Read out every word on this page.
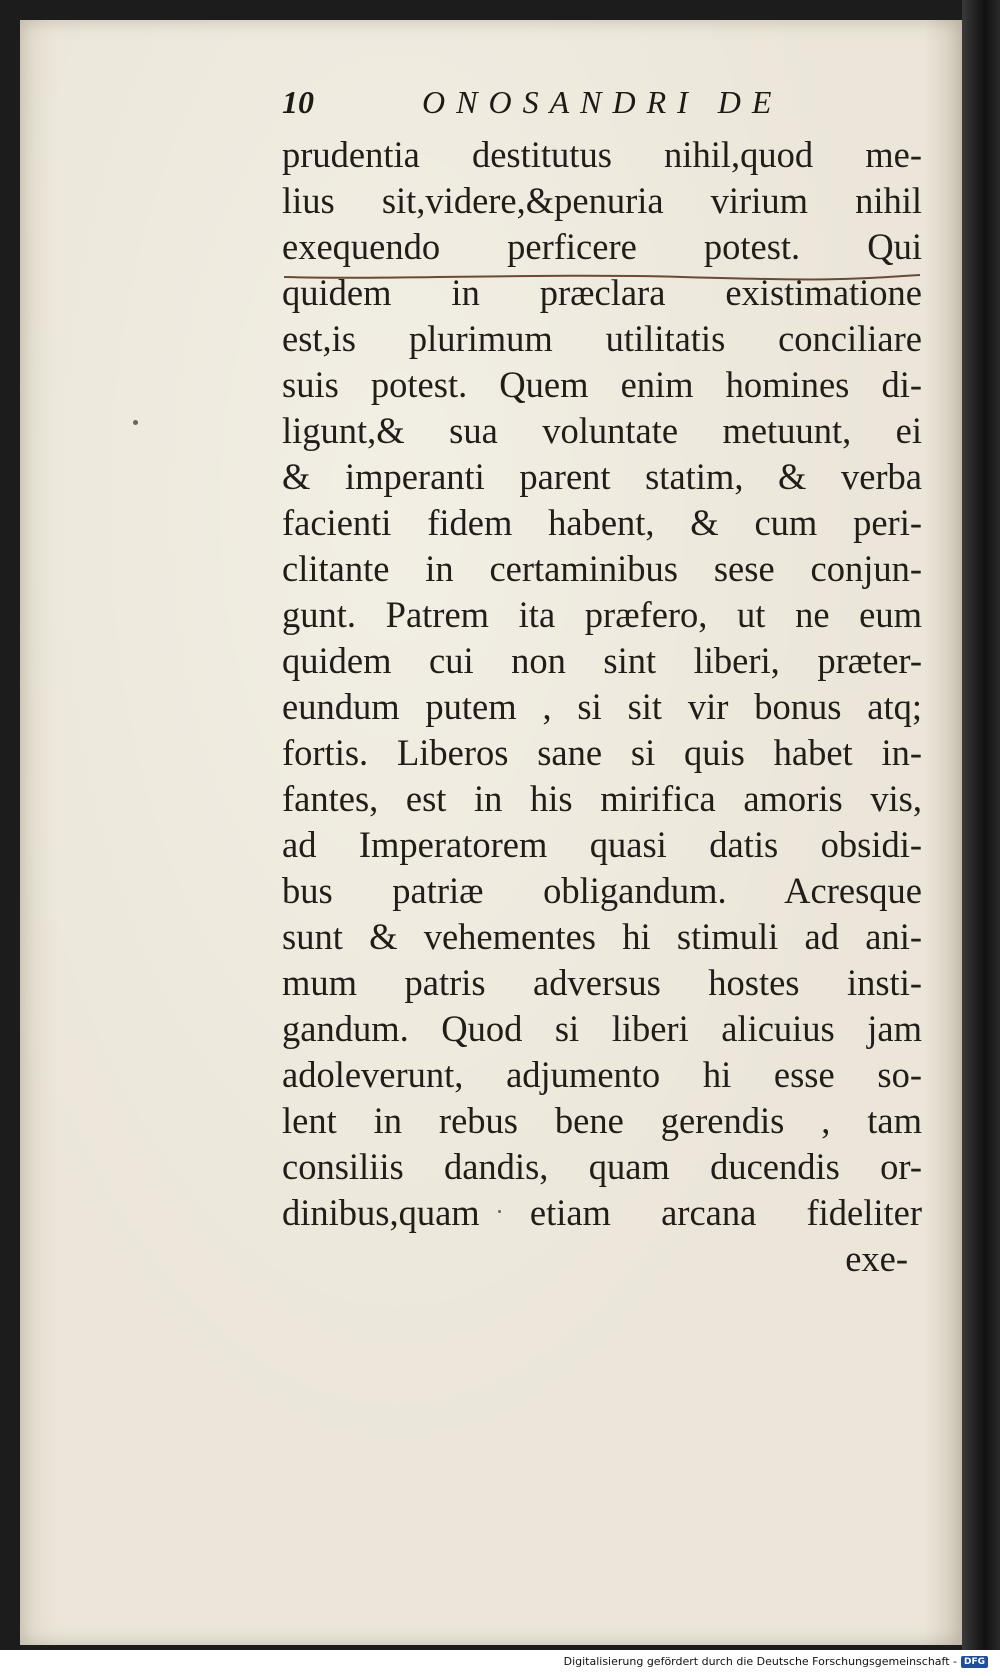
10	ONOSANDRI DE
prudentia destitutus nihil,quod me-
lius sit,videre,&penuria virium nihil
exequendo perficere potest. Qui
quidem in præclara existimatione
est,is plurimum utilitatis conciliare
suis potest. Quem enim homines di-
ligunt,& sua voluntate metuunt, ei
& imperanti parent statim, & verba
facienti fidem habent, & cum peri-
clitante in certaminibus sese conjun-
gunt. Patrem ita præfero, ut ne eum
quidem cui non sint liberi, præter-
eundum putem , si sit vir bonus atq;
fortis. Liberos sane si quis habet in-
fantes, est in his mirifica amoris vis,
ad Imperatorem quasi datis obsidi-
bus patriæ obligandum. Acresque
sunt & vehementes hi stimuli ad ani-
mum patris adversus hostes insti-
gandum. Quod si liberi alicuius jam
adoleverunt, adjumento hi esse so-
lent in rebus bene gerendis , tam
consiliis dandis, quam ducendis or-
dinibus,quam etiam arcana fideliter
exe-
Digitalisierung gefördert durch die Deutsche Forschungsgemeinschaft - DFG
